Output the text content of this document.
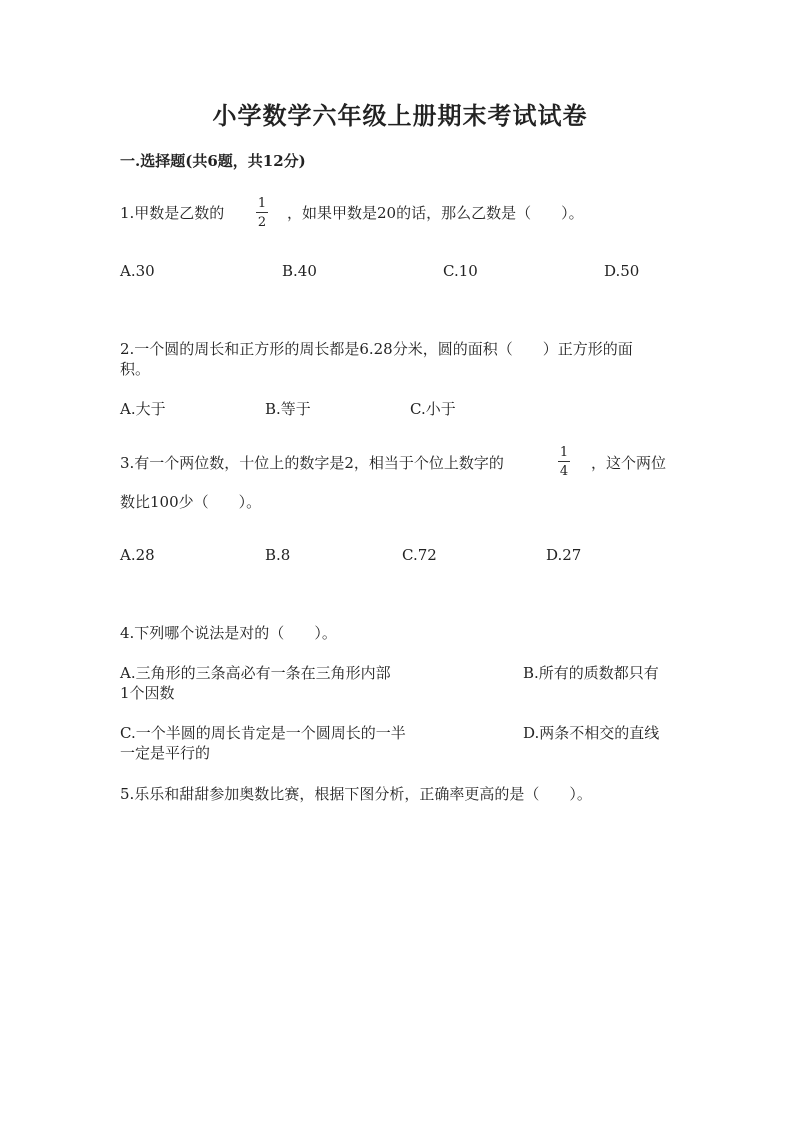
小学数学六年级上册期末考试试卷
一.选择题(共6题，共12分)
1.甲数是乙数的
1
2
，如果甲数是20的话，那么乙数是（　　）。
A.30	B.40	C.10	D.50
2.一个圆的周长和正方形的周长都是6.28分米，圆的面积（　　）正方形的面
积。
A.大于	B.等于	C.小于
3.有一个两位数，十位上的数字是2，相当于个位上数字的
1
4 ，这个两位
数比100少（　　）。
A.28	B.8	C.72	D.27
4.下列哪个说法是对的（　　）。
A.三角形的三条高必有一条在三角形内部	B.所有的质数都只有
1个因数
C.一个半圆的周长肯定是一个圆周长的一半	D.两条不相交的直线
一定是平行的
5.乐乐和甜甜参加奥数比赛，根据下图分析，正确率更高的是（　　）。
